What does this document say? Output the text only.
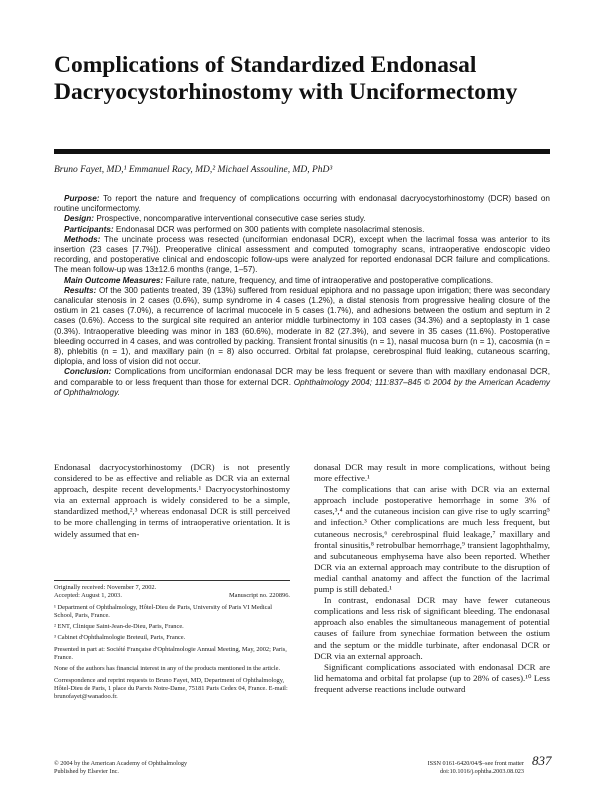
Complications of Standardized Endonasal Dacryocystorhinostomy with Unciformectomy

Bruno Fayet, MD,¹ Emmanuel Racy, MD,² Michael Assouline, MD, PhD³

Purpose: To report the nature and frequency of complications occurring with endonasal dacryocystorhinostomy (DCR) based on routine unciformectomy.

Design: Prospective, noncomparative interventional consecutive case series study.

Participants: Endonasal DCR was performed on 300 patients with complete nasolacrimal stenosis.

Methods: The uncinate process was resected (unciformian endonasal DCR), except when the lacrimal fossa was anterior to its insertion (23 cases [7.7%]). Preoperative clinical assessment and computed tomography scans, intraoperative endoscopic video recording, and postoperative clinical and endoscopic follow-ups were analyzed for reported endonasal DCR failure and complications. The mean follow-up was 13±12.6 months (range, 1–57).

Main Outcome Measures: Failure rate, nature, frequency, and time of intraoperative and postoperative complications.

Results: Of the 300 patients treated, 39 (13%) suffered from residual epiphora and no passage upon irrigation; there was secondary canalicular stenosis in 2 cases (0.6%), sump syndrome in 4 cases (1.2%), a distal stenosis from progressive healing closure of the ostium in 21 cases (7.0%), a recurrence of lacrimal mucocele in 5 cases (1.7%), and adhesions between the ostium and septum in 2 cases (0.6%). Access to the surgical site required an anterior middle turbinectomy in 103 cases (34.3%) and a septoplasty in 1 case (0.3%). Intraoperative bleeding was minor in 183 (60.6%), moderate in 82 (27.3%), and severe in 35 cases (11.6%). Postoperative bleeding occurred in 4 cases, and was controlled by packing. Transient frontal sinusitis (n = 1), nasal mucosa burn (n = 1), cacosmia (n = 8), phlebitis (n = 1), and maxillary pain (n = 8) also occurred. Orbital fat prolapse, cerebrospinal fluid leaking, cutaneous scarring, diplopia, and loss of vision did not occur.

Conclusion: Complications from unciformian endonasal DCR may be less frequent or severe than with maxillary endonasal DCR, and comparable to or less frequent than those for external DCR. Ophthalmology 2004; 111:837–845 © 2004 by the American Academy of Ophthalmology.

Endonasal dacryocystorhinostomy (DCR) is not presently considered to be as effective and reliable as DCR via an external approach, despite recent developments.¹ Dacryocystorhinostomy via an external approach is widely considered to be a simple, standardized method,²,³ whereas endonasal DCR is still perceived to be more challenging in terms of intraoperative orientation. It is widely assumed that en-

Originally received: November 7, 2002.

Accepted: August 1, 2003.	Manuscript no. 220896.

¹ Department of Ophthalmology, Hôtel-Dieu de Paris, University of Paris VI Medical School, Paris, France.

² ENT, Clinique Saint-Jean-de-Dieu, Paris, France.

³ Cabinet d'Ophthalmologie Breteuil, Paris, France.

Presented in part at: Société Française d'Ophtalmologie Annual Meeting, May, 2002; Paris, France.

None of the authors has financial interest in any of the products mentioned in the article.

Correspondence and reprint requests to Bruno Fayet, MD, Department of Ophthalmology, Hôtel-Dieu de Paris, 1 place du Parvis Notre-Dame, 75181 Paris Cedex 04, France. E-mail: brunofayet@wanadoo.fr.

donasal DCR may result in more complications, without being more effective.¹

The complications that can arise with DCR via an external approach include postoperative hemorrhage in some 3% of cases,³,⁴ and the cutaneous incision can give rise to ugly scarring⁵ and infection.³ Other complications are much less frequent, but cutaneous necrosis,⁶ cerebrospinal fluid leakage,⁷ maxillary and frontal sinusitis,⁸ retrobulbar hemorrhage,⁹ transient lagophthalmy, and subcutaneous emphysema have also been reported. Whether DCR via an external approach may contribute to the disruption of medial canthal anatomy and affect the function of the lacrimal pump is still debated.¹

In contrast, endonasal DCR may have fewer cutaneous complications and less risk of significant bleeding. The endonasal approach also enables the simultaneous management of potential causes of failure from synechiae formation between the ostium and the septum or the middle turbinate, after endonasal DCR or DCR via an external approach.

Significant complications associated with endonasal DCR are lid hematoma and orbital fat prolapse (up to 28% of cases).¹⁰ Less frequent adverse reactions include outward

© 2004 by the American Academy of Ophthalmology
Published by Elsevier Inc.
ISSN 0161-6420/04/$–see front matter
doi:10.1016/j.ophtha.2003.08.023
837
